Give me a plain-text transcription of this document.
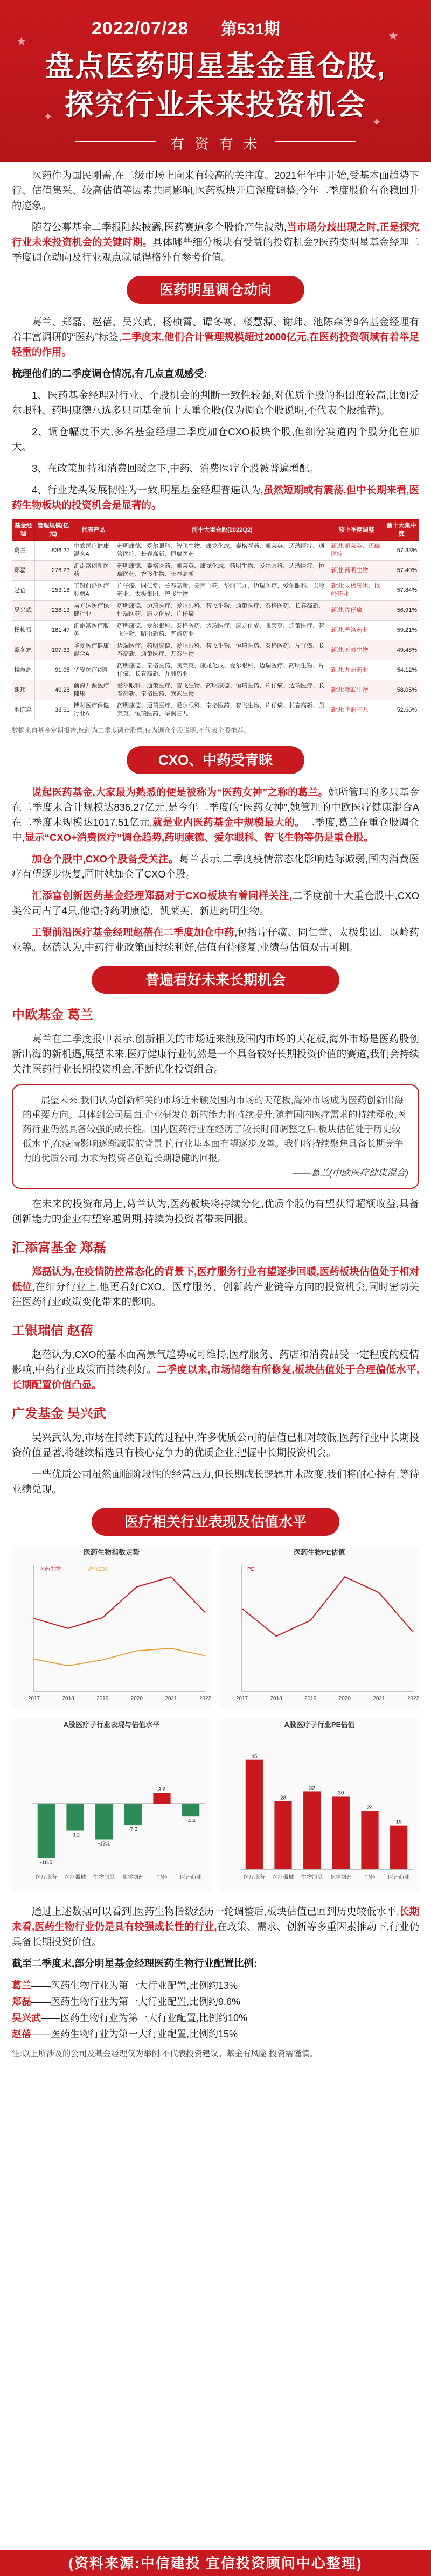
★	★
✦	✦
2022/07/28 第531期
盘点医药明星基金重仓股,
探究行业未来投资机会
有 资 有 未

医药作为国民刚需,在二级市场上向来有较高的关注度。2021年年中开始,受基本面趋势下行、估值集采、较高估值等因素共同影响,医药板块开启深度调整,今年二季度股价有企稳回升的迹象。

随着公募基金二季报陆续披露,医药赛道多个股价产生波动,当市场分歧出现之时,正是探究行业未来投资机会的关键时期。具体哪些细分板块有受益的投资机会?医药类明星基金经理二季度调仓动向及行业观点就显得格外有参考价值。

医药明星调仓动向

葛兰、郑磊、赵蓓、吴兴武、杨桢霄、谭冬寒、楼慧源、谢玮、池陈森等9名基金经理有着丰富调研的“医药”标签,二季度末,他们合计管理规模超过2000亿元,在医药投资领域有着举足轻重的作用。

梳理他们的二季度调仓情况,有几点直观感受:

1、医药基金经理对行业、个股机会的判断一致性较强,对优质个股的抱团度较高,比如爱尔眼科、药明康德八选多只同基金前十大重仓股(仅为调仓个股说明,不代表个股推荐)。

2、调仓幅度不大,多名基金经理二季度加仓CXO板块个股,但细分赛道内个股分化在加大。

3、在政策加持和消费回暖之下,中药、消费医疗个股被普遍增配。

4、行业龙头发展韧性为一致,明星基金经理普遍认为,虽然短期或有震荡,但中长期来看,医药生物板块的投资机会是显著的。

基金经理	管理规模(亿元)	代表产品	前十大重仓股(2022Q2)	较上季度调整	前十大集中度
葛兰	836.27	中欧医疗健康混合A	药明康德、爱尔眼科、智飞生物、康龙化成、泰格医药、凯莱英、迈瑞医疗、通策医疗、长春高新、恒瑞医药	新进:凯莱英、迈瑞医疗	57.33%
郑磊	276.23	汇添富创新医药	药明康德、泰格医药、凯莱英、康龙化成、药明生物、爱尔眼科、迈瑞医疗、恒瑞医药、智飞生物、长春高新	新进:药明生物	57.40%
赵蓓	253.18	工银前沿医疗股票A	片仔癀、同仁堂、长春高新、云南白药、华润三九、迈瑞医疗、爱尔眼科、以岭药业、太极集团、智飞生物	新进:太极集团、以岭药业	57.84%
吴兴武	236.13	易方达医疗保健行业	药明康德、迈瑞医疗、爱尔眼科、智飞生物、通策医疗、泰格医药、长春高新、恒瑞医药、康龙化成、片仔癀	新进:片仔癀	56.91%
杨桢霄	181.47	汇添富医疗服务	药明康德、爱尔眼科、泰格医药、迈瑞医疗、康龙化成、凯莱英、通策医疗、智飞生物、昭衍新药、普洛药业	新进:普洛药业	59.21%
谭冬寒	107.33	华夏医疗健康混合A	迈瑞医疗、药明康德、爱尔眼科、智飞生物、恒瑞医药、泰格医药、片仔癀、长春高新、通策医疗、万泰生物	新进:万泰生物	49.48%
楼慧源	91.05	华安医疗创新	药明康德、泰格医药、凯莱英、康龙化成、爱尔眼科、迈瑞医疗、药明生物、片仔癀、长春高新、九洲药业	新进:九洲药业	54.12%
谢玮	40.28	前海开源医疗健康	爱尔眼科、通策医疗、智飞生物、药明康德、恒瑞医药、片仔癀、迈瑞医疗、长春高新、泰格医药、我武生物	新进:我武生物	58.05%
池陈森	38.61	博时医疗保健行业A	药明康德、迈瑞医疗、爱尔眼科、泰格医药、智飞生物、片仔癀、长春高新、凯莱英、恒瑞医药、华润三九	新进:华润三九	52.66%
数据来自基金定期报告,标红为二季度调仓股票,仅为调仓个股说明,不代表个股推荐。
CXO、中药受青睐

说起医药基金,大家最为熟悉的便是被称为“医药女神”之称的葛兰。她所管理的多只基金在二季度末合计规模达836.27亿元,是今年二季度的“医药女神”,她管理的中欧医疗健康混合A在二季度末规模达1017.51亿元,就是业内医药基金中规模最大的。二季度,葛兰在重仓股调仓中,显示“CXO+消费医疗”调仓趋势,药明康德、爱尔眼科、智飞生物等仍是重仓股。

加仓个股中,CXO个股备受关注。葛兰表示,二季度疫情常态化影响边际减弱,国内消费医疗有望逐步恢复,同时她加仓了CXO个股。

汇添富创新医药基金经理郑磊对于CXO板块有着同样关注,二季度前十大重仓股中,CXO类公司占了4只,他增持药明康德、凯莱英、新进药明生物。

工银前沿医疗基金经理赵蓓在二季度加仓中药,包括片仔癀、同仁堂、太极集团、以岭药业等。赵蓓认为,中药行业政策面持续利好,估值有待修复,业绩与估值双击可期。

普遍看好未来长期机会
中欧基金 葛兰

葛兰在二季度报中表示,创新相关的市场近来触及国内市场的天花板,海外市场是医药股创新出海的新机遇,展望未来,医疗健康行业仍然是一个具备较好长期投资价值的赛道,我们会持续关注医药行业长期投资机会,不断优化投资组合。

展望未来,我们认为创新相关的市场近来触及国内市场的天花板,海外市场成为医药创新出海的重要方向。具体到公司层面,企业研发创新的能力将持续提升,随着国内医疗需求的持续释放,医药行业仍然具备较强的成长性。国内医药行业在经历了较长时间调整之后,板块估值处于历史较低水平,在疫情影响逐渐减弱的背景下,行业基本面有望逐步改善。我们将持续聚焦具备长期竞争力的优质公司,力求为投资者创造长期稳健的回报。
——葛兰(中欧医疗健康混合)

在未来的投资布局上,葛兰认为,医药板块将持续分化,优质个股仍有望获得超额收益,具备创新能力的企业有望穿越周期,持续为投资者带来回报。

汇添富基金 郑磊

郑磊认为,在疫情防控常态化的背景下,医疗服务行业有望逐步回暖,医药板块估值处于相对低位,在细分行业上,他更看好CXO、医疗服务、创新药产业链等方向的投资机会,同时密切关注医药行业政策变化带来的影响。

工银瑞信 赵蓓

赵蓓认为,CXO的基本面高景气趋势或可维持,医疗服务、药店和消费品受一定程度的疫情影响,中药行业政策面持续利好。二季度以来,市场情绪有所修复,板块估值处于合理偏低水平,长期配置价值凸显。

广发基金 吴兴武

吴兴武认为,市场在持续下跌的过程中,许多优质公司的估值已相对较低,医药行业中长期投资价值显著,将继续精选具有核心竞争力的优质企业,把握中长期投资机会。

一些优质公司虽然面临阶段性的经营压力,但长期成长逻辑并未改变,我们将耐心持有,等待业绩兑现。

医疗相关行业表现及估值水平
医药生物指数走势
2017	2018	2019	2020	2021	2022
医药生物	沪深300
医药生物PE估值
2017	2018	2019	2020	2021	2022
PE
A股医疗子行业表现与估值水平
-18.5
医疗服务
-9.2
医疗器械
-12.1
生物制品
-7.3
化学制药
3.6
中药
-4.4
医药商业
A股医疗子行业PE估值
45
医疗服务
28
医疗器械
32
生物制品
30
化学制药
24
中药
18
医药商业

通过上述数据可以看到,医药生物指数经历一轮调整后,板块估值已回到历史较低水平,长期来看,医药生物行业仍是具有较强成长性的行业,在政策、需求、创新等多重因素推动下,行业仍具备长期投资价值。

截至二季度末,部分明星基金经理医药生物行业配置比例:

葛兰——医药生物行业为第一大行业配置,比例约13%
郑磊——医药生物行业为第一大行业配置,比例约9.6%
吴兴武——医药生物行业为第一大行业配置,比例约10%
赵蓓——医药生物行业为第一大行业配置,比例约15%
注:以上所涉及的公司及基金经理仅为举例,不代表投资建议。基金有风险,投资需谨慎。
(资料来源:中信建投 宜信投资顾问中心整理)
